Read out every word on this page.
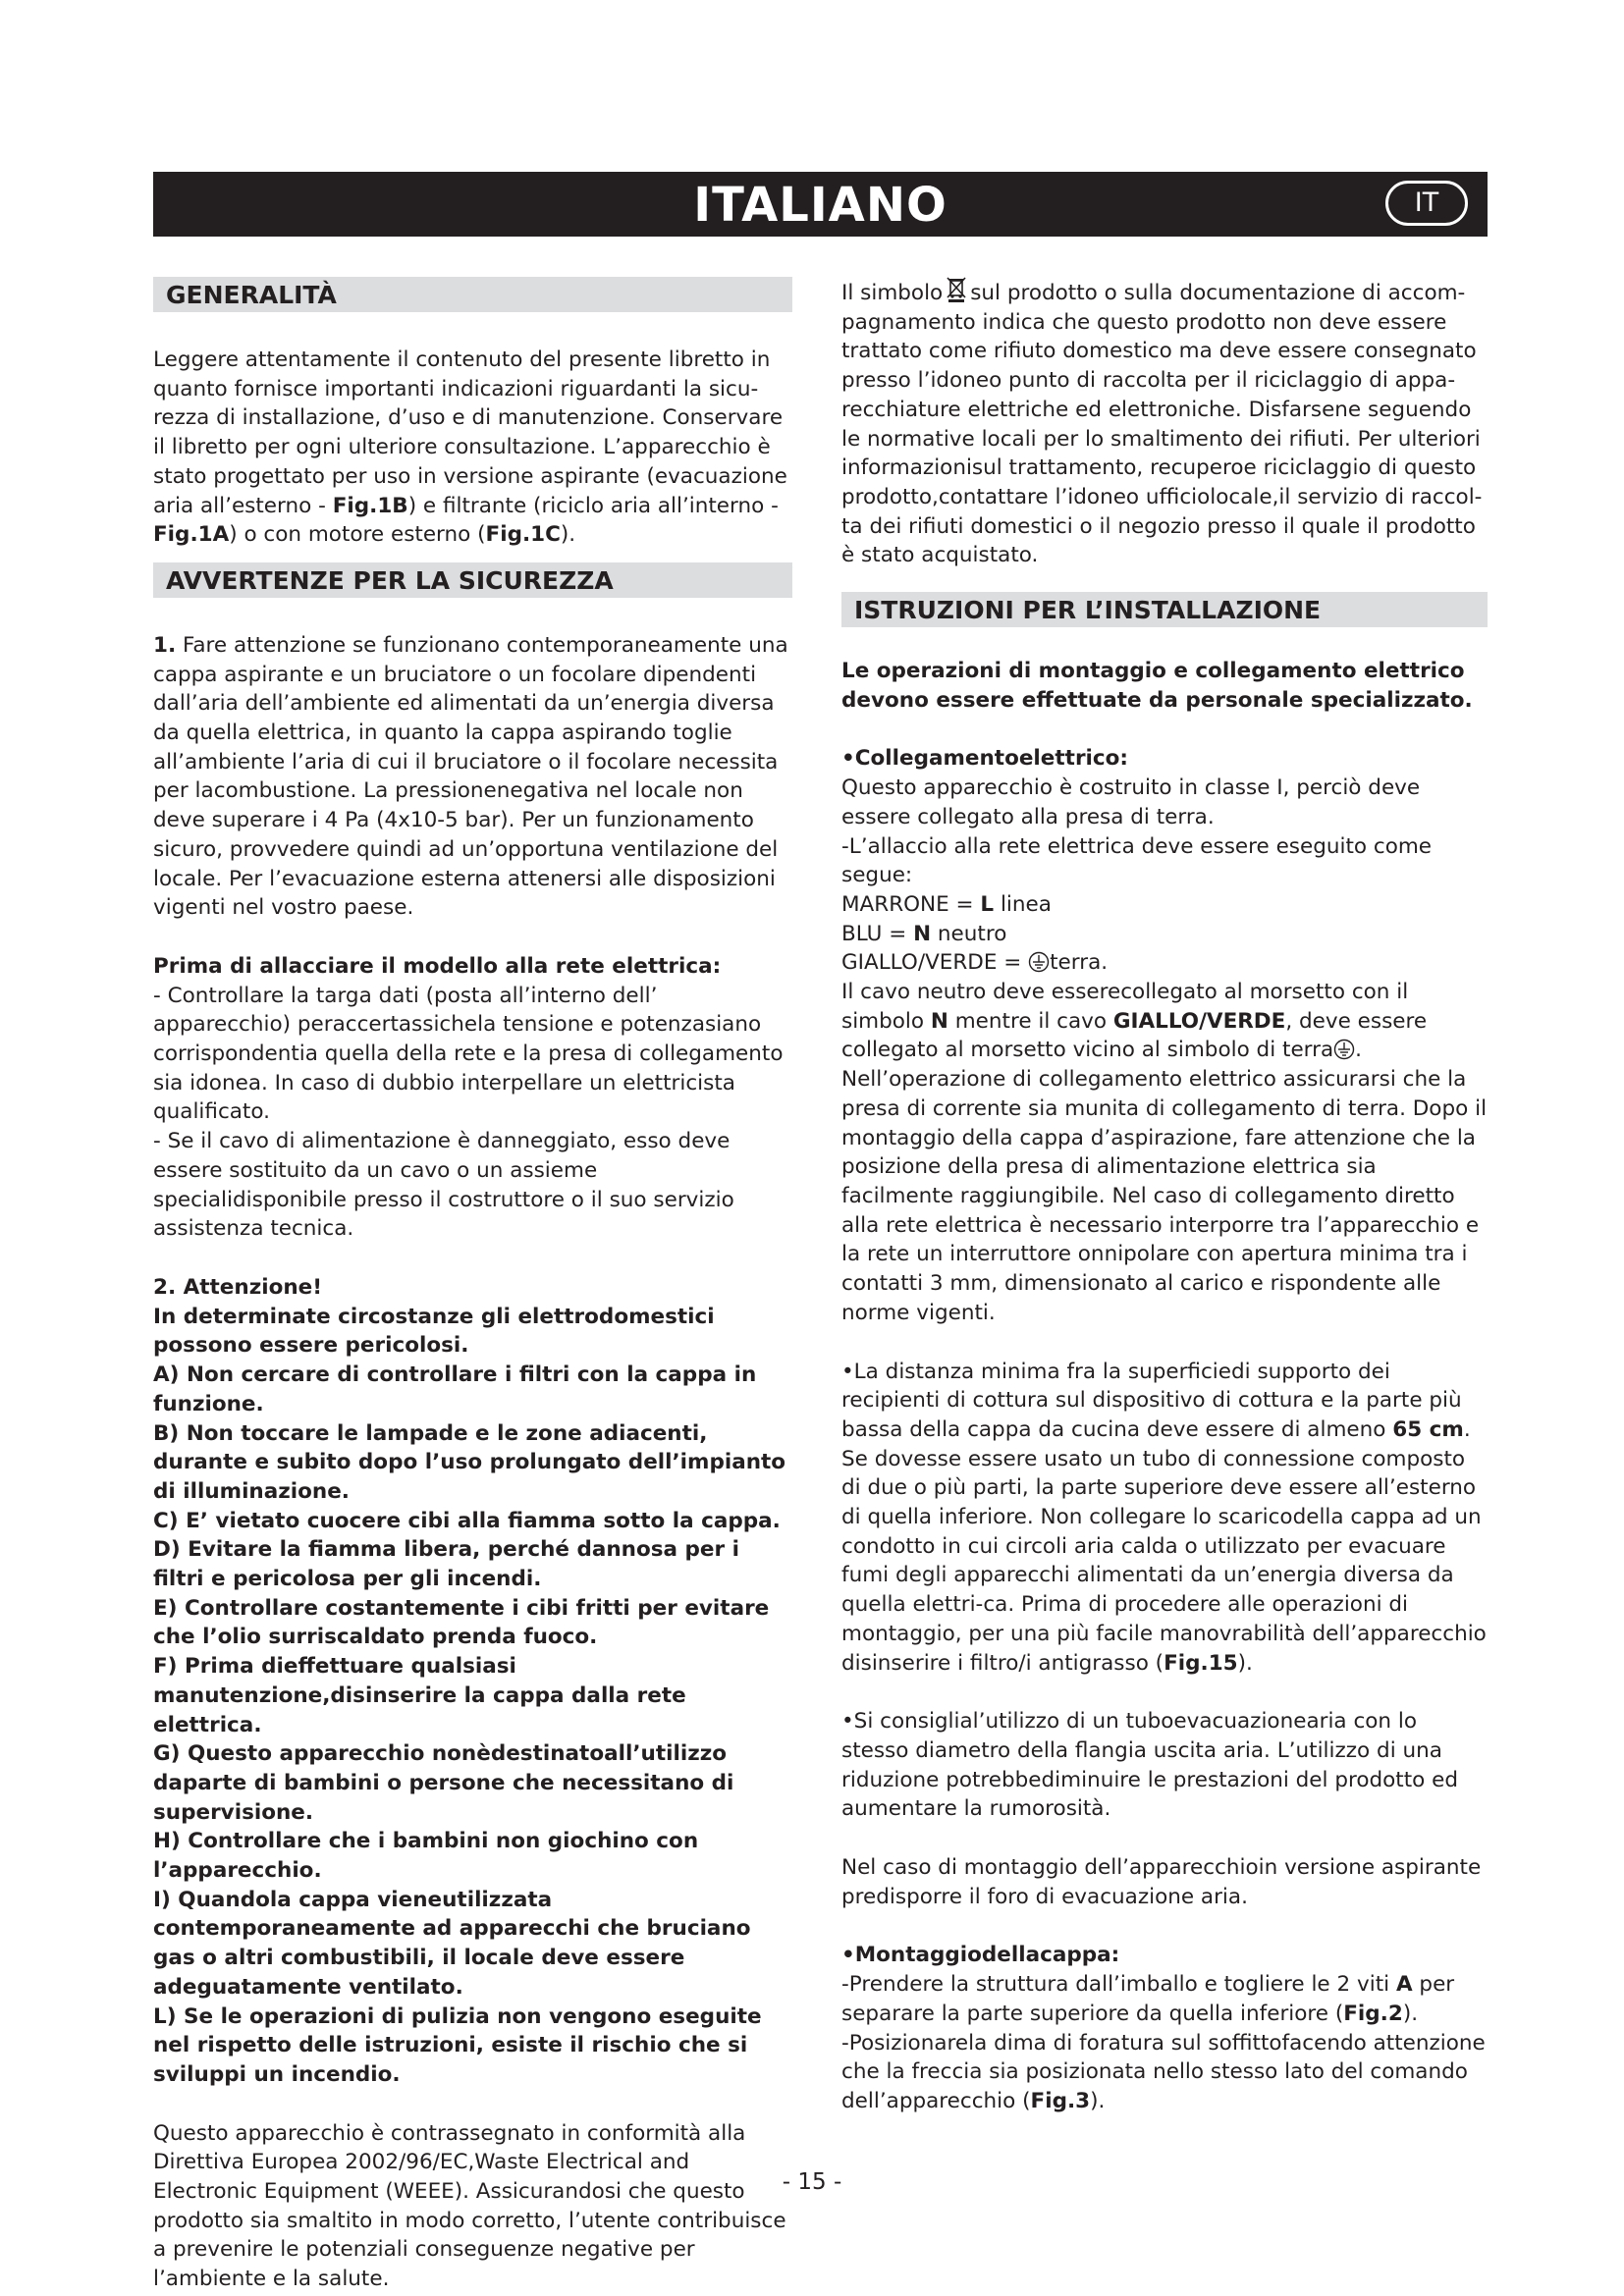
ITALIANO	IT
GENERALITÀ

Leggere attentamente il contenuto del presente libretto in quanto fornisce importanti indicazioni riguardanti la sicu-rezza di installazione, d’uso e di manutenzione. Conservare il libretto per ogni ulteriore consultazione. L’apparecchio è stato progettato per uso in versione aspirante (evacuazione aria all’esterno - Fig.1B) e filtrante (riciclo aria all’interno - Fig.1A) o con motore esterno (Fig.1C).

AVVERTENZE PER LA SICUREZZA

1. Fare attenzione se funzionano contemporaneamente una cappa aspirante e un bruciatore o un focolare dipendenti dall’aria dell’ambiente ed alimentati da un’energia diversa da quella elettrica, in quanto la cappa aspirando toglie all’ambiente l’aria di cui il bruciatore o il focolare necessita per lacombustione. La pressionenegativa nel locale non deve superare i 4 Pa (4x10-5 bar). Per un funzionamento sicuro, provvedere quindi ad un’opportuna ventilazione del locale. Per l’evacuazione esterna attenersi alle disposizioni vigenti nel vostro paese.

Prima di allacciare il modello alla rete elettrica:

- Controllare la targa dati (posta all’interno dell’ apparecchio) peraccertassichela tensione e potenzasiano corrispondentia quella della rete e la presa di collegamento sia idonea. In caso di dubbio interpellare un elettricista qualificato.

- Se il cavo di alimentazione è danneggiato, esso deve essere sostituito da un cavo o un assieme specialidisponibile presso il costruttore o il suo servizio assistenza tecnica.

2. Attenzione!

In determinate circostanze gli elettrodomestici possono essere pericolosi.

A) Non cercare di controllare i filtri con la cappa in funzione.

B) Non toccare le lampade e le zone adiacenti, durante e subito dopo l’uso prolungato dell’impianto di illuminazione.

C) E’ vietato cuocere cibi alla fiamma sotto la cappa.

D) Evitare la fiamma libera, perché dannosa per i filtri e pericolosa per gli incendi.

E) Controllare costantemente i cibi fritti per evitare che l’olio surriscaldato prenda fuoco.

F) Prima dieffettuare qualsiasi manutenzione,disinserire la cappa dalla rete elettrica.

G) Questo apparecchio nonèdestinatoall’utilizzo daparte di bambini o persone che necessitano di supervisione.

H) Controllare che i bambini non giochino con l’apparecchio.

I) Quandola cappa vieneutilizzata contemporaneamente ad apparecchi che bruciano gas o altri combustibili, il locale deve essere adeguatamente ventilato.

L) Se le operazioni di pulizia non vengono eseguite nel rispetto delle istruzioni, esiste il rischio che si sviluppi un incendio.

Questo apparecchio è contrassegnato in conformità alla Direttiva Europea 2002/96/EC,Waste Electrical and Electronic Equipment (WEEE). Assicurandosi che questo prodotto sia smaltito in modo corretto, l’utente contribuisce a prevenire le potenziali conseguenze negative per l’ambiente e la salute.

Il simbolo sul prodotto o sulla documentazione di accom-pagnamento indica che questo prodotto non deve essere trattato come rifiuto domestico ma deve essere consegnato presso l’idoneo punto di raccolta per il riciclaggio di appa-recchiature elettriche ed elettroniche. Disfarsene seguendo le normative locali per lo smaltimento dei rifiuti. Per ulteriori informazionisul trattamento, recuperoe riciclaggio di questo prodotto,contattare l’idoneo ufficiolocale,il servizio di raccol-ta dei rifiuti domestici o il negozio presso il quale il prodotto è stato acquistato.

ISTRUZIONI PER L’INSTALLAZIONE

Le operazioni di montaggio e collegamento elettrico devono essere effettuate da personale specializzato.

•Collegamentoelettrico:

Questo apparecchio è costruito in classe I, perciò deve essere collegato alla presa di terra.

-L’allaccio alla rete elettrica deve essere eseguito come segue:

MARRONE = L linea

BLU = N neutro

GIALLO/VERDE = terra.

Il cavo neutro deve esserecollegato al morsetto con il simbolo N mentre il cavo GIALLO/VERDE, deve essere collegato al morsetto vicino al simbolo di terra .

Nell’operazione di collegamento elettrico assicurarsi che la presa di corrente sia munita di collegamento di terra. Dopo il montaggio della cappa d’aspirazione, fare attenzione che la posizione della presa di alimentazione elettrica sia facilmente raggiungibile. Nel caso di collegamento diretto alla rete elettrica è necessario interporre tra l’apparecchio e la rete un interruttore onnipolare con apertura minima tra i contatti 3 mm, dimensionato al carico e rispondente alle norme vigenti.

•La distanza minima fra la superficiedi supporto dei recipienti di cottura sul dispositivo di cottura e la parte più bassa della cappa da cucina deve essere di almeno 65 cm. Se dovesse essere usato un tubo di connessione composto di due o più parti, la parte superiore deve essere all’esterno di quella inferiore. Non collegare lo scaricodella cappa ad un condotto in cui circoli aria calda o utilizzato per evacuare fumi degli apparecchi alimentati da un’energia diversa da quella elettri-ca. Prima di procedere alle operazioni di montaggio, per una più facile manovrabilità dell’apparecchio disinserire i filtro/i antigrasso (Fig.15).

•Si consiglial’utilizzo di un tuboevacuazionearia con lo stesso diametro della flangia uscita aria. L’utilizzo di una riduzione potrebbediminuire le prestazioni del prodotto ed aumentare la rumorosità.

Nel caso di montaggio dell’apparecchioin versione aspirante predisporre il foro di evacuazione aria.

•Montaggiodellacappa:

-Prendere la struttura dall’imballo e togliere le 2 viti A per separare la parte superiore da quella inferiore (Fig.2).

-Posizionarela dima di foratura sul soffittofacendo attenzione che la freccia sia posizionata nello stesso lato del comando dell’apparecchio (Fig.3).

- 15 -
